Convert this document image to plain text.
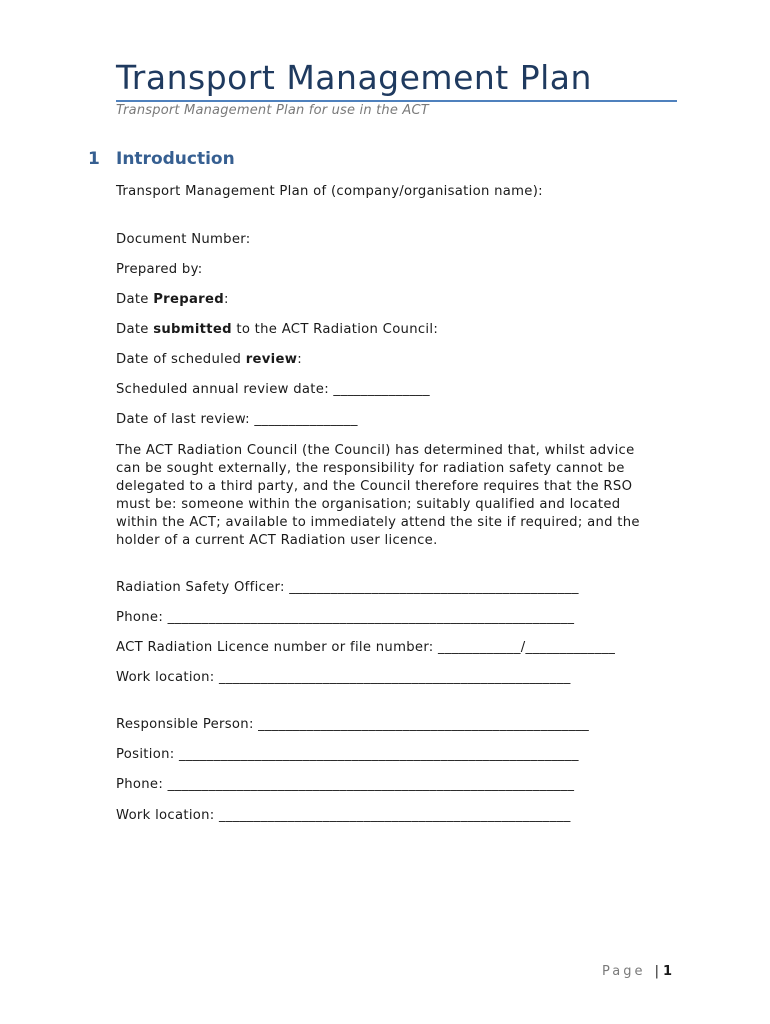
Transport Management Plan
Transport Management Plan for use in the ACT
1 Introduction
Transport Management Plan of (company/organisation name):
Document Number:
Prepared by:
Date Prepared:
Date submitted to the ACT Radiation Council:
Date of scheduled review:
Scheduled annual review date: ______________
Date of last review: _______________
The ACT Radiation Council (the Council) has determined that, whilst advice
can be sought externally, the responsibility for radiation safety cannot be
delegated to a third party, and the Council therefore requires that the RSO
must be: someone within the organisation; suitably qualified and located
within the ACT; available to immediately attend the site if required; and the
holder of a current ACT Radiation user licence.
Radiation Safety Officer: __________________________________________
Phone: ___________________________________________________________
ACT Radiation Licence number or file number: ____________/_____________
Work location: ___________________________________________________
Responsible Person: ________________________________________________
Position: __________________________________________________________
Phone: ___________________________________________________________
Work location: ___________________________________________________
Page | 1
